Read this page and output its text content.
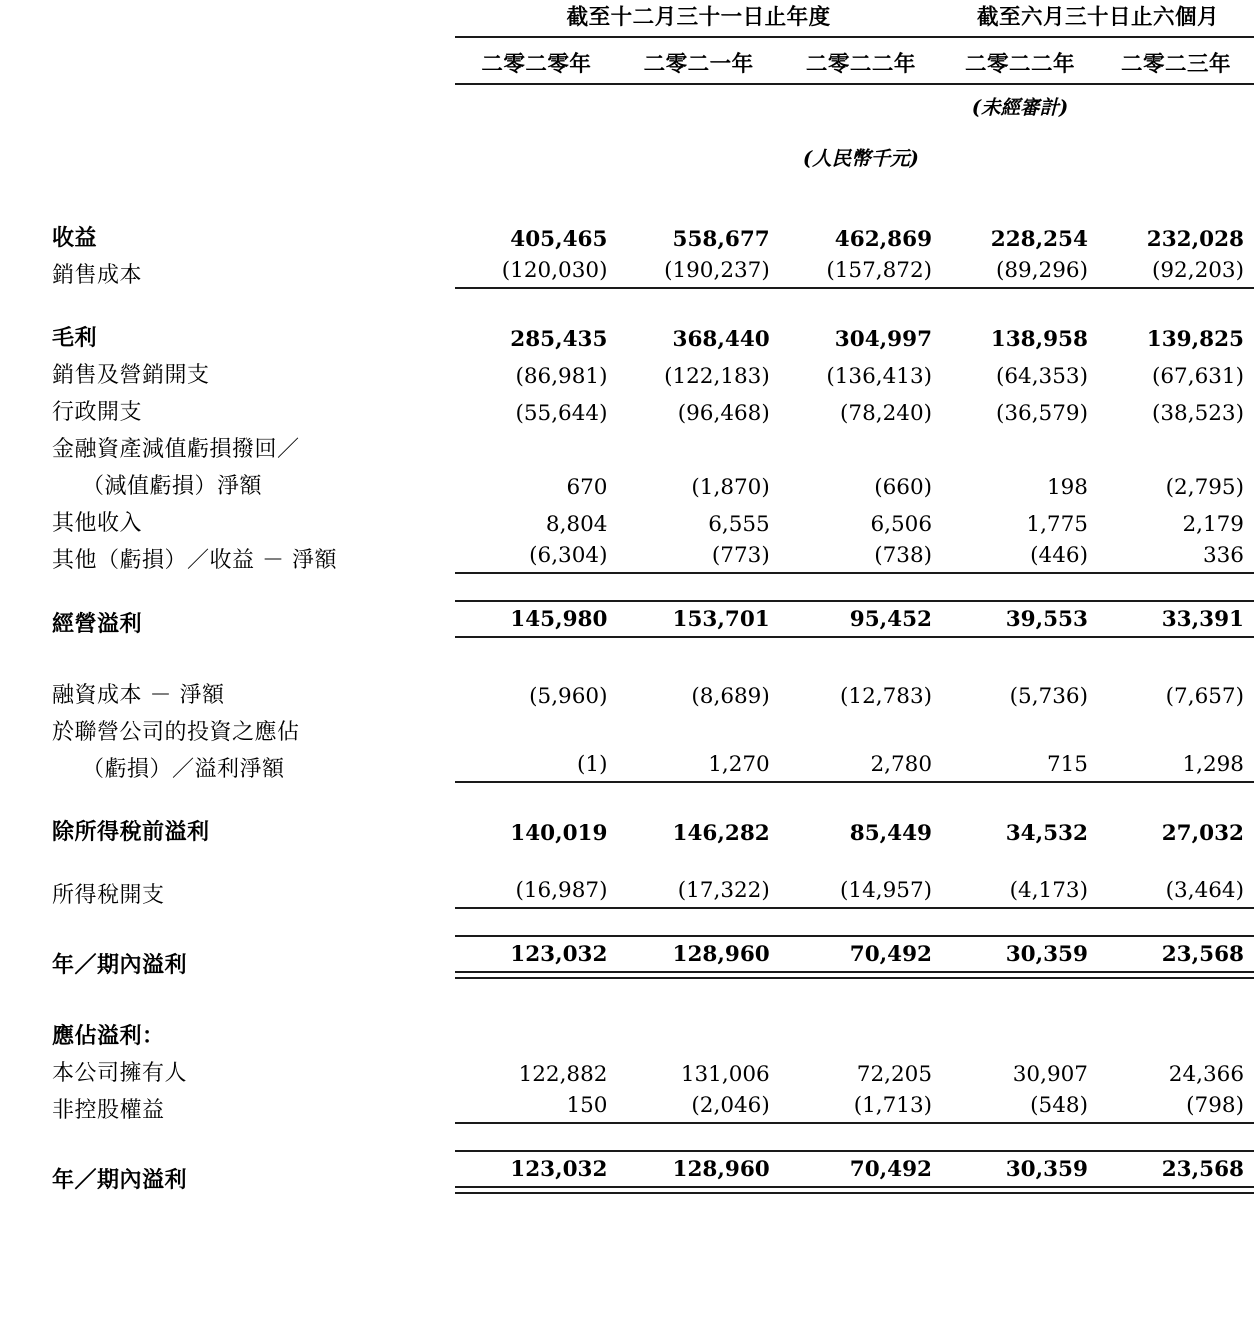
	截至十二月三十一日止年度			截至六月三十日止六個月	

	二零二零年	二零二一年	二零二二年	二零二二年	二零二三年

				(未經審計)	
			(人民幣千元)		

收益	405,465	558,677	462,869	228,254	232,028
銷售成本	(120,030)	(190,237)	(157,872)	(89,296)	(92,203)

毛利	285,435	368,440	304,997	138,958	139,825
銷售及營銷開支	(86,981)	(122,183)	(136,413)	(64,353)	(67,631)
行政開支	(55,644)	(96,468)	(78,240)	(36,579)	(38,523)
金融資產減值虧損撥回／					
（減值虧損）淨額	670	(1,870)	(660)	198	(2,795)
其他收入	8,804	6,555	6,506	1,775	2,179
其他（虧損）／收益 － 淨額	(6,304)	(773)	(738)	(446)	336

經營溢利	145,980	153,701	95,452	39,553	33,391

融資成本 － 淨額	(5,960)	(8,689)	(12,783)	(5,736)	(7,657)
於聯營公司的投資之應佔					
（虧損）／溢利淨額	(1)	1,270	2,780	715	1,298

除所得稅前溢利	140,019	146,282	85,449	34,532	27,032

所得稅開支	(16,987)	(17,322)	(14,957)	(4,173)	(3,464)

年／期內溢利	123,032	128,960	70,492	30,359	23,568

應佔溢利：					
本公司擁有人	122,882	131,006	72,205	30,907	24,366
非控股權益	150	(2,046)	(1,713)	(548)	(798)

年／期內溢利	123,032	128,960	70,492	30,359	23,568
